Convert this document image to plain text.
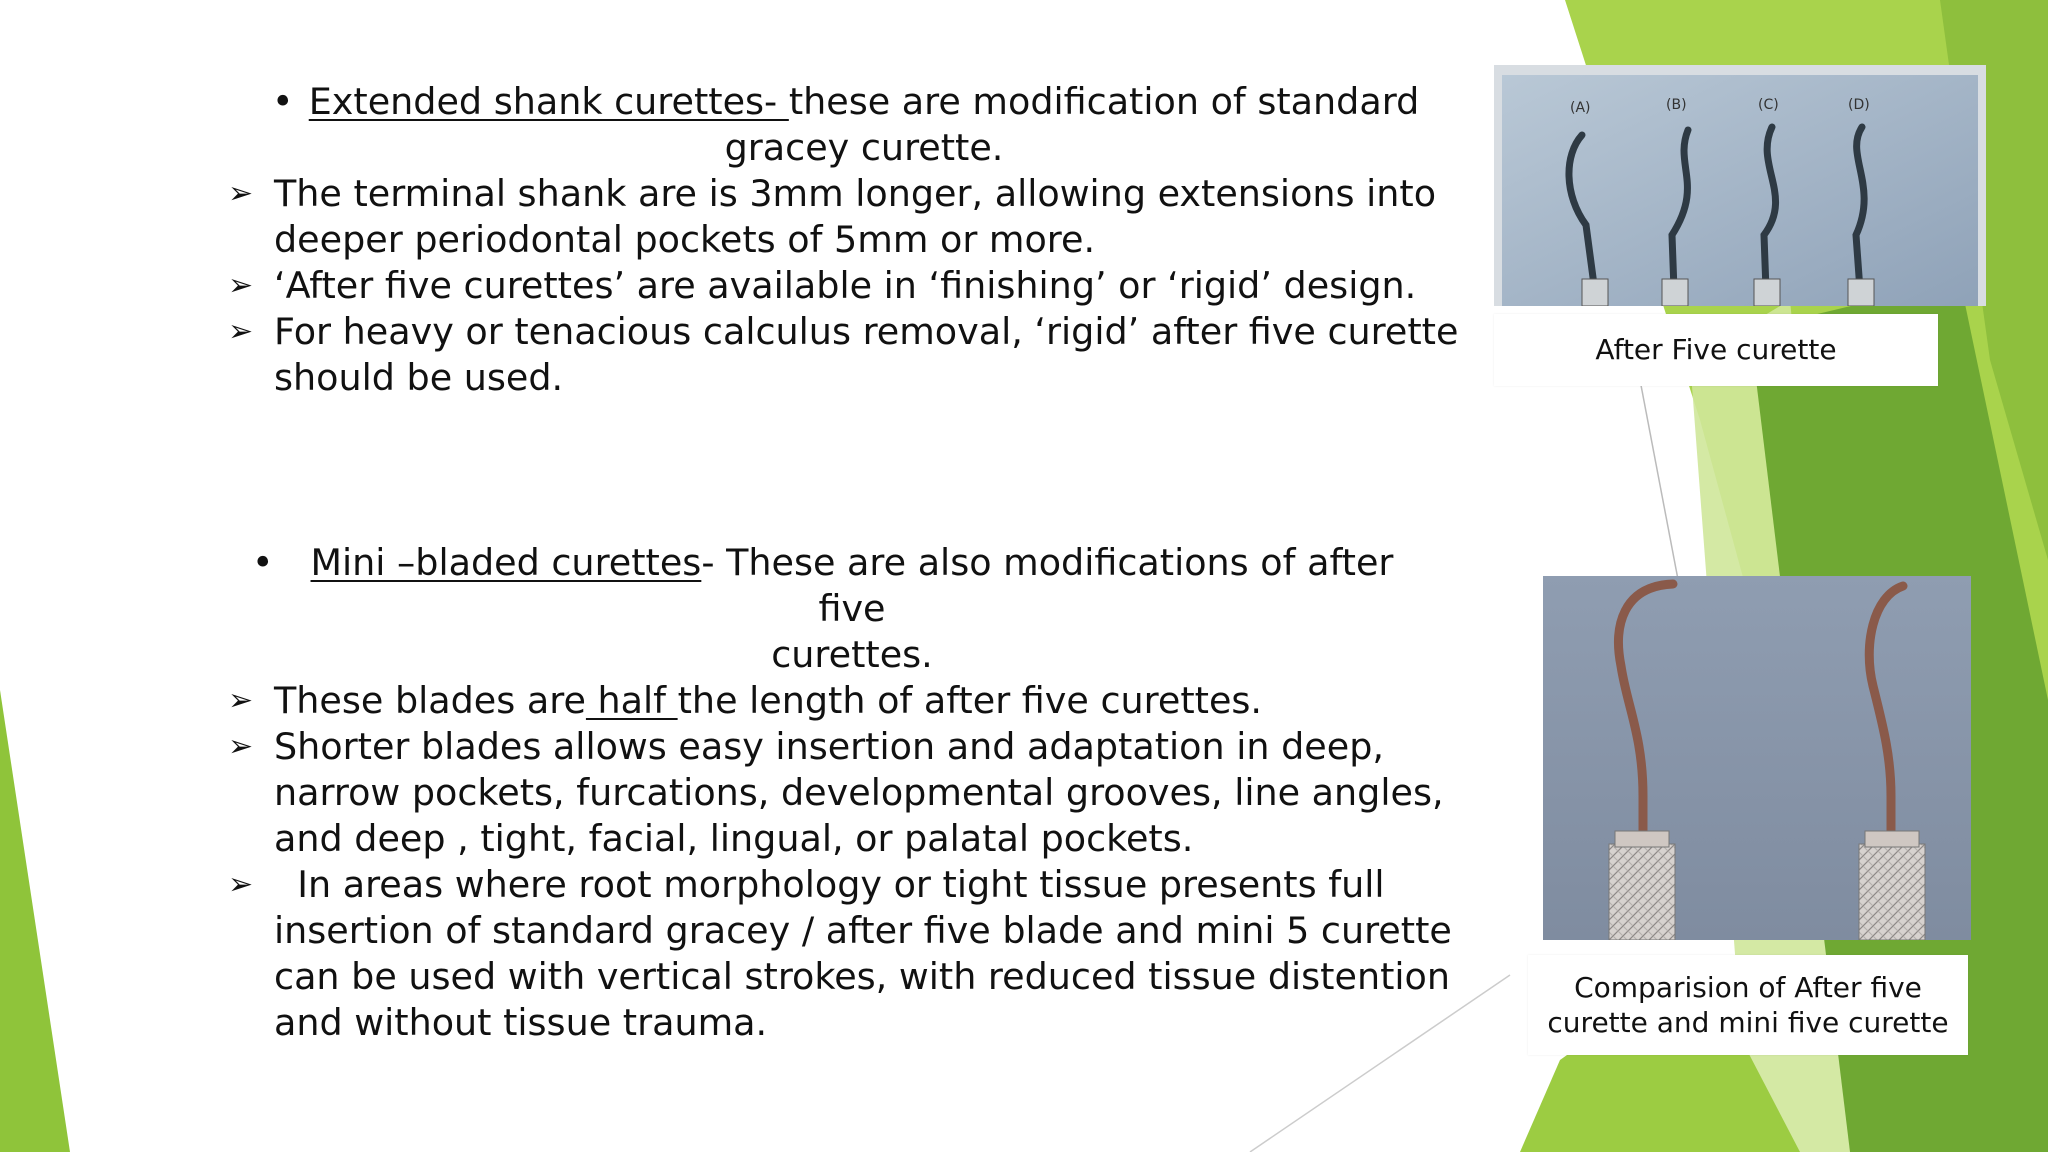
• Extended shank curettes- these are modification of standard
gracey curette.
➢ The terminal shank are is 3mm longer, allowing extensions into deeper periodontal pockets of 5mm or more.
➢ ‘After five curettes’ are available in ‘finishing’ or ‘rigid’ design.
➢ For heavy or tenacious calculus removal, ‘rigid’ after five curette should be used.
•	Mini –bladed curettes- These are also modifications of after five
curettes.
➢ These blades are half the length of after five curettes.
➢ Shorter blades allows easy insertion and adaptation in deep, narrow pockets, furcations, developmental grooves, line angles, and deep , tight, facial, lingual, or palatal pockets.
➢ In areas where root morphology or tight tissue presents full insertion of standard gracey / after five blade and mini 5 curette can be used with vertical strokes, with reduced tissue distention and without tissue trauma.
(A)	(B)	(C)	(D)
After Five curette
Comparision of After five
curette and mini five curette
